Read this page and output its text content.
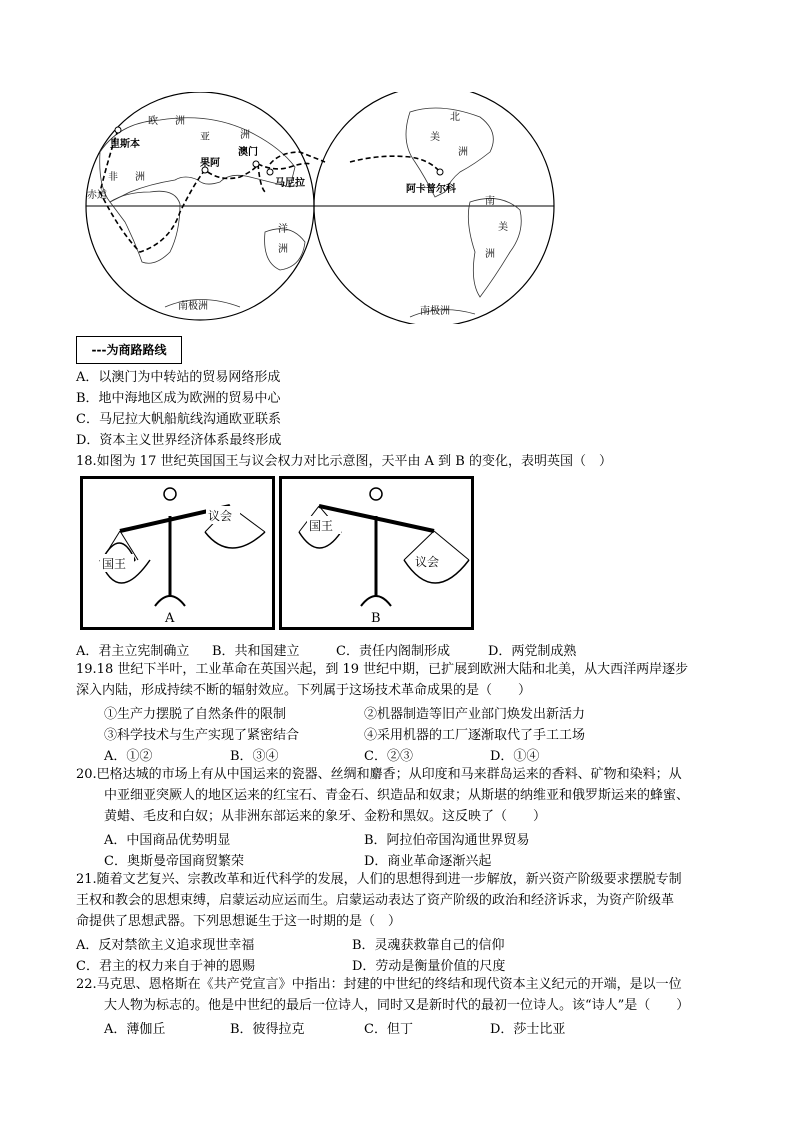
欧 洲
亚	洲
里斯本
果阿
澳门
马尼拉
非 洲
赤道
洋
洲
南极洲
北
美
洲
阿卡普尔科
南
美
洲
南极洲
---为商路路线
A．以澳门为中转站的贸易网络形成
B．地中海地区成为欧洲的贸易中心
C．马尼拉大帆船航线沟通欧亚联系
D．资本主义世界经济体系最终形成
18.如图为 17 世纪英国国王与议会权力对比示意图，天平由 A 到 B 的变化，表明英国（　）
议会
国王
A
国王
议会
B
A．君主立宪制确立 B．共和国建立	C．责任内阁制形成	D．两党制成熟
19.18 世纪下半叶，工业革命在英国兴起，到 19 世纪中期，已扩展到欧洲大陆和北美，从大西洋两岸逐步
深入内陆，形成持续不断的辐射效应。下列属于这场技术革命成果的是（　　）
①生产力摆脱了自然条件的限制	②机器制造等旧产业部门焕发出新活力
③科学技术与生产实现了紧密结合	④采用机器的工厂逐渐取代了手工工场
A．①②	B．③④	C．②③	D．①④
20.巴格达城的市场上有从中国运来的瓷器、丝绸和麝香；从印度和马来群岛运来的香料、矿物和染料；从
中亚细亚突厥人的地区运来的红宝石、青金石、织造品和奴隶；从斯堪的纳维亚和俄罗斯运来的蜂蜜、
黄蜡、毛皮和白奴；从非洲东部运来的象牙、金粉和黑奴。这反映了（　　）
A．中国商品优势明显	B．阿拉伯帝国沟通世界贸易
C．奥斯曼帝国商贸繁荣	D．商业革命逐渐兴起
21.随着文艺复兴、宗教改革和近代科学的发展，人们的思想得到进一步解放，新兴资产阶级要求摆脱专制
王权和教会的思想束缚，启蒙运动应运而生。启蒙运动表达了资产阶级的政治和经济诉求，为资产阶级革
命提供了思想武器。下列思想诞生于这一时期的是（　）
A．反对禁欲主义追求现世幸福	B．灵魂获救靠自己的信仰
C．君主的权力来自于神的恩赐	D．劳动是衡量价值的尺度
22.马克思、恩格斯在《共产党宣言》中指出：封建的中世纪的终结和现代资本主义纪元的开端，是以一位
大人物为标志的。他是中世纪的最后一位诗人，同时又是新时代的最初一位诗人。该“诗人”是（　　）
A．薄伽丘	B．彼得拉克	C．但丁	D．莎士比亚
